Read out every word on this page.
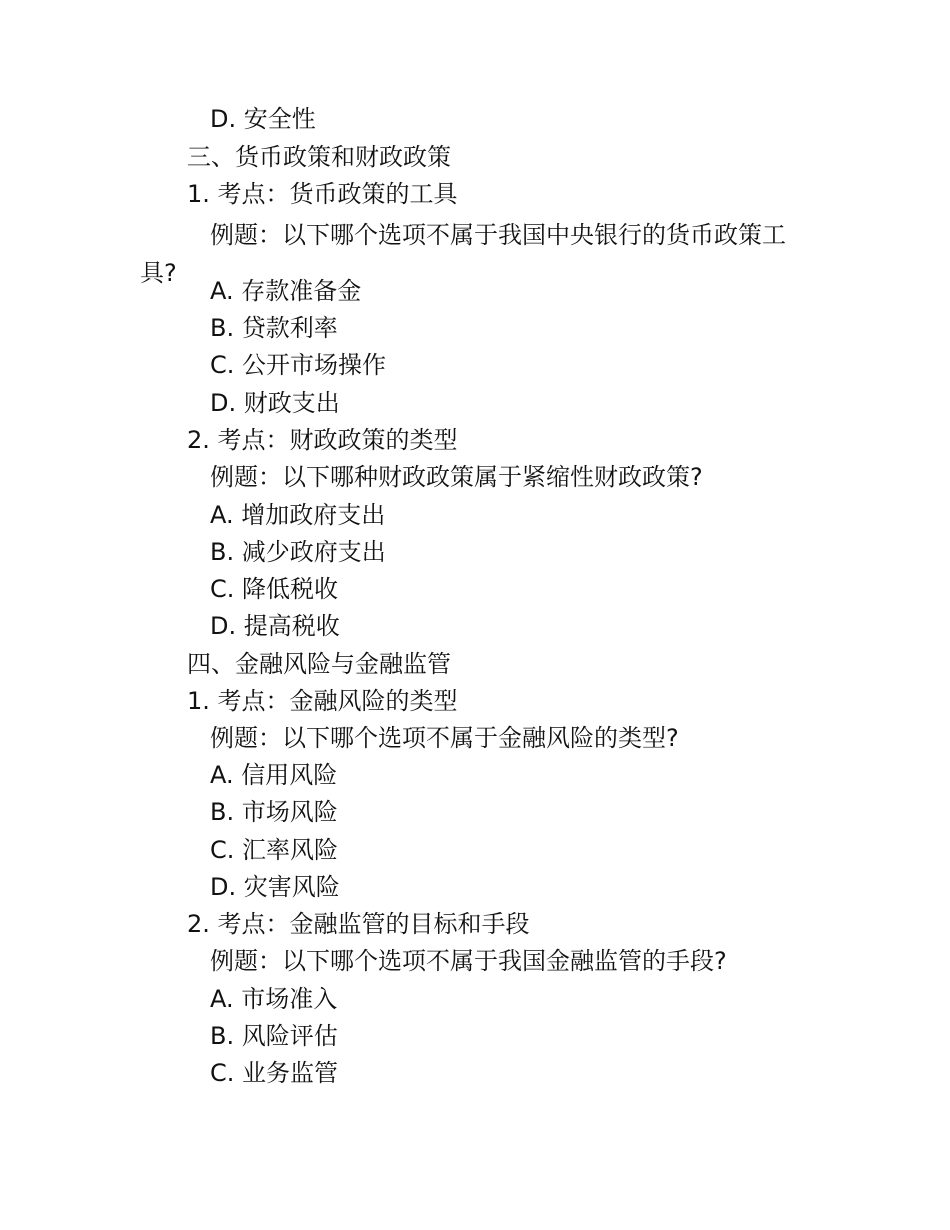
D. 安全性
三、货币政策和财政政策
1. 考点：货币政策的工具
例题：以下哪个选项不属于我国中央银行的货币政策工具?
A. 存款准备金
B. 贷款利率
C. 公开市场操作
D. 财政支出
2. 考点：财政政策的类型
例题：以下哪种财政政策属于紧缩性财政政策?
A. 增加政府支出
B. 减少政府支出
C. 降低税收
D. 提高税收
四、金融风险与金融监管
1. 考点：金融风险的类型
例题：以下哪个选项不属于金融风险的类型?
A. 信用风险
B. 市场风险
C. 汇率风险
D. 灾害风险
2. 考点：金融监管的目标和手段
例题：以下哪个选项不属于我国金融监管的手段?
A. 市场准入
B. 风险评估
C. 业务监管
